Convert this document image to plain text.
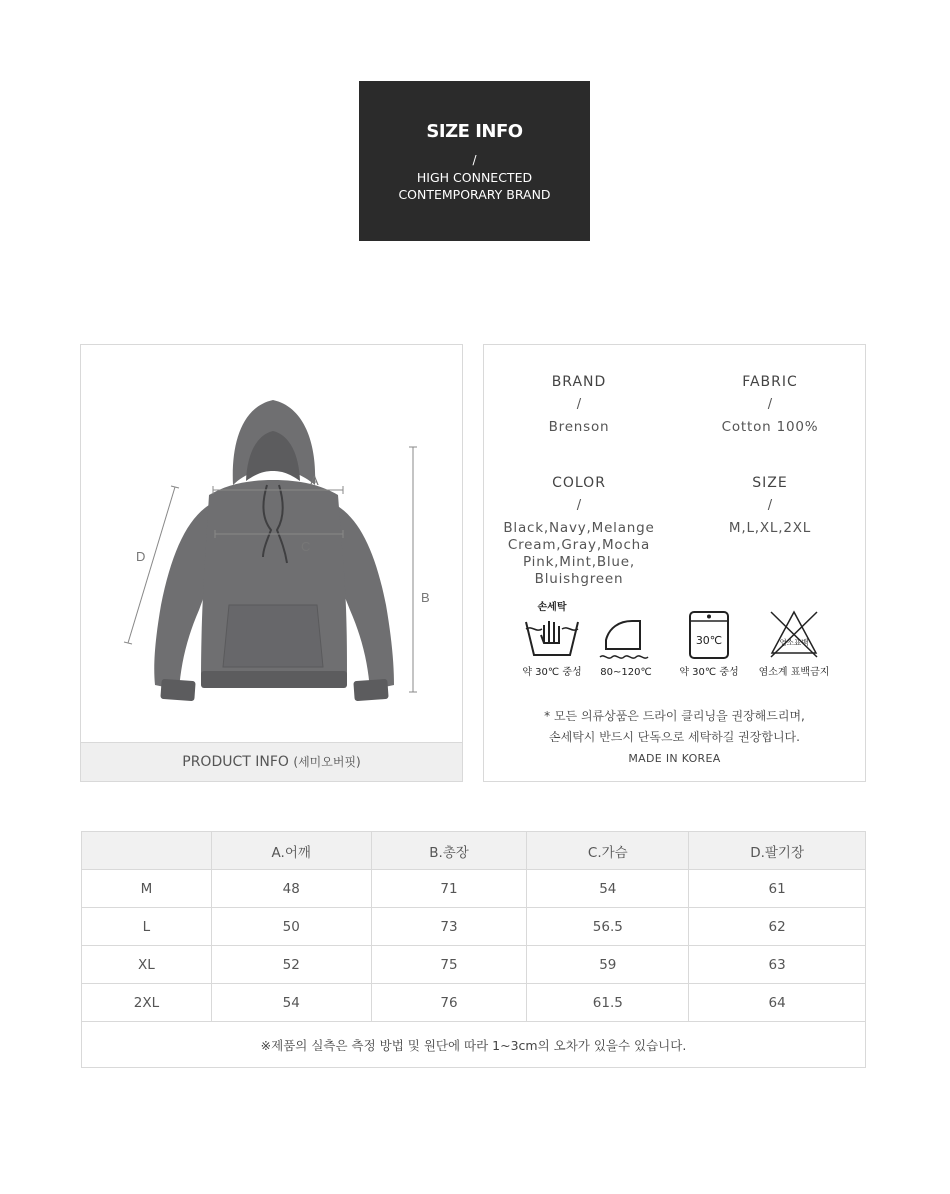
SIZE INFO
/
HIGH CONNECTED
CONTEMPORARY BRAND
A
C
B
D
PRODUCT INFO (세미오버핏)
BRAND
/
Brenson
FABRIC
/
Cotton 100%
COLOR
/
Black,Navy,Melange
Cream,Gray,Mocha
Pink,Mint,Blue,
Bluishgreen
SIZE
/
M,L,XL,2XL
손세탁
약 30℃ 중성 80~120℃
30℃
약 30℃ 중성
염소표백
염소계 표백금지
* 모든 의류상품은 드라이 클리닝을 권장해드리며,
손세탁시 반드시 단독으로 세탁하길 권장합니다.
MADE IN KOREA
	A.어깨	B.총장	C.가슴	D.팔기장
M	48	71	54	61
L	50	73	56.5	62
XL	52	75	59	63
2XL	54	76	61.5	64
※제품의 실측은 측정 방법 및 원단에 따라 1~3cm의 오차가 있을수 있습니다.				
